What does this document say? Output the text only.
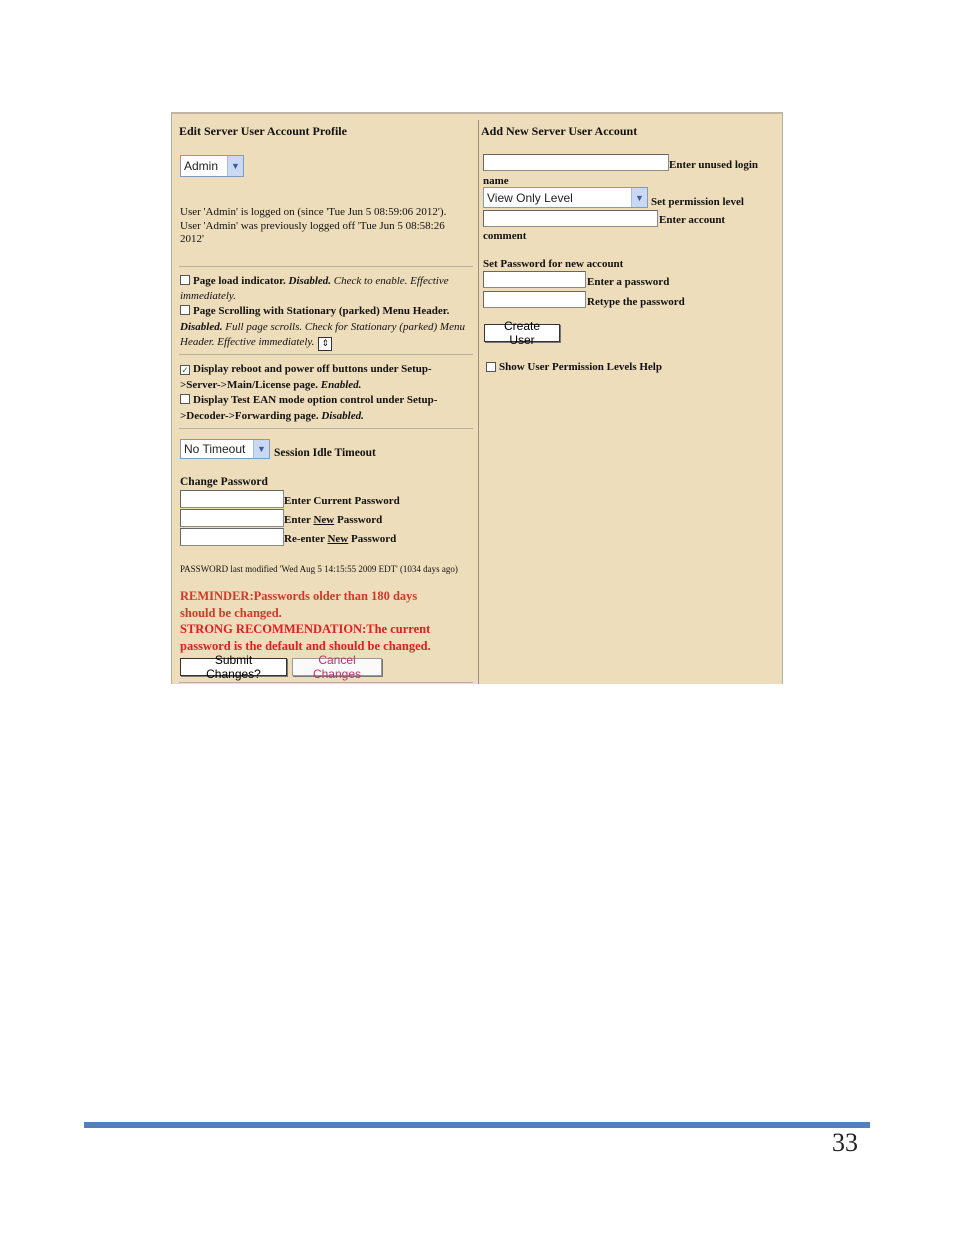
Edit Server User Account Profile
Admin	▼
User 'Admin' is logged on (since 'Tue Jun 5 08:59:06 2012').
User 'Admin' was previously logged off 'Tue Jun 5 08:58:26 2012'
Page load indicator. Disabled. Check to enable. Effective immediately.
Page Scrolling with Stationary (parked) Menu Header. Disabled. Full page scrolls. Check for Stationary (parked) Menu Header. Effective immediately. ⇕
✓ Display reboot and power off buttons under Setup->Server->Main/License page. Enabled.
Display Test EAN mode option control under Setup->Decoder->Forwarding page. Disabled.
No Timeout	▼ Session Idle Timeout
Change Password
Enter Current Password
Enter New Password
Re-enter New Password
PASSWORD last modified 'Wed Aug 5 14:15:55 2009 EDT' (1034 days ago)
REMINDER:Passwords older than 180 days should be changed.
STRONG RECOMMENDATION:The current password is the default and should be changed.
Submit Changes?
Cancel Changes
Add New Server User Account
Enter unused login name
View Only Level	▼ Set permission level
Enter account comment
Set Password for new account
Enter a password
Retype the password
Create User
Show User Permission Levels Help
33
